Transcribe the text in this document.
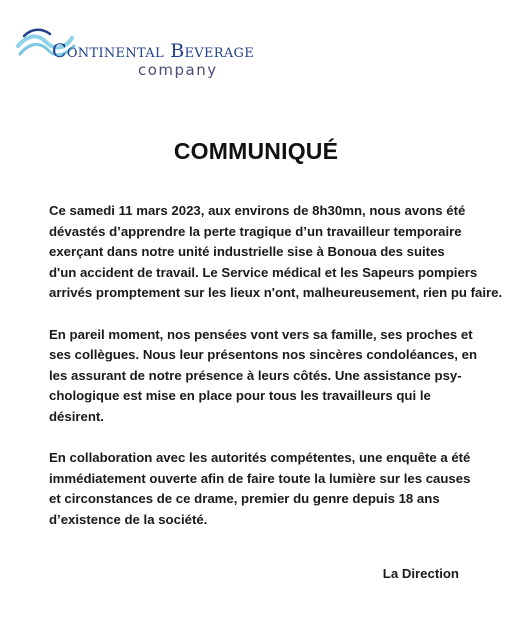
Continental Beverage
company
COMMUNIQUÉ

Ce samedi 11 mars 2023, aux environs de 8h30mn, nous avons été
dévastés d’apprendre la perte tragique d’un travailleur temporaire
exerçant dans notre unité industrielle sise à Bonoua des suites
d'un accident de travail. Le Service médical et les Sapeurs pompiers
arrivés promptement sur les lieux n'ont, malheureusement, rien pu faire.

En pareil moment, nos pensées vont vers sa famille, ses proches et
ses collègues. Nous leur présentons nos sincères condoléances, en
les assurant de notre présence à leurs côtés. Une assistance psy-
chologique est mise en place pour tous les travailleurs qui le
désirent.

En collaboration avec les autorités compétentes, une enquête a été
immédiatement ouverte afin de faire toute la lumière sur les causes
et circonstances de ce drame, premier du genre depuis 18 ans
d’existence de la société.

La Direction
